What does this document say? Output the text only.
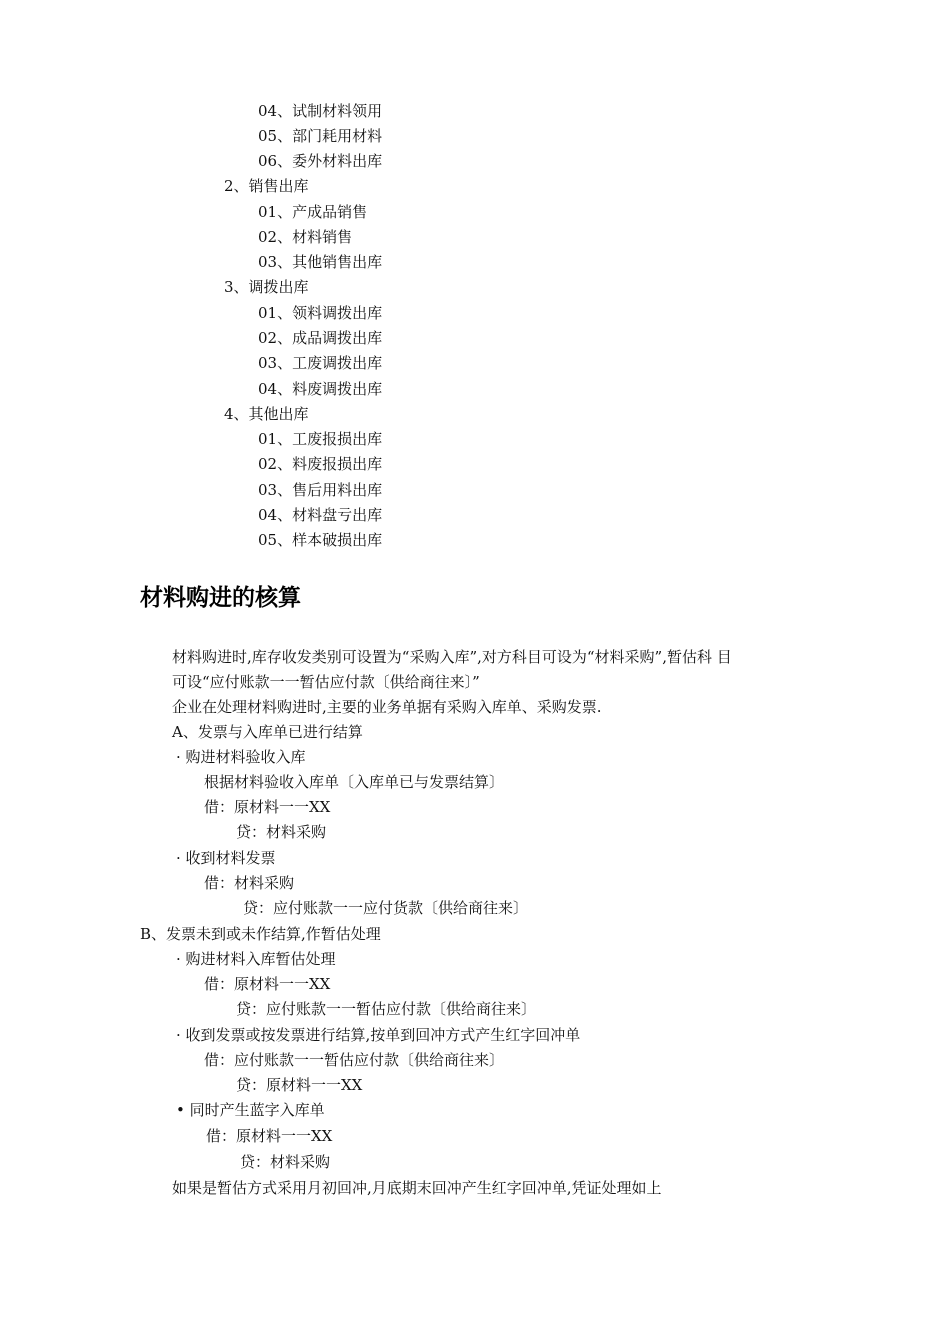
04、试制材料领用
05、部门耗用材料
06、委外材料出库
2、销售出库
01、产成品销售
02、材料销售
03、其他销售出库
3、调拨出库
01、领料调拨出库
02、成品调拨出库
03、工废调拨出库
04、料废调拨出库
4、其他出库
01、工废报损出库
02、料废报损出库
03、售后用料出库
04、材料盘亏出库
05、样本破损出库
材料购进的核算
材料购进时,库存收发类别可设置为“采购入库”,对方科目可设为“材料采购”,暂估科 目
可设“应付账款一一暂估应付款〔供给商往来〕”
企业在处理材料购进时,主要的业务单据有采购入库单、采购发票.
A、发票与入库单已进行结算
· 购进材料验收入库
根据材料验收入库单〔入库单已与发票结算〕
借：原材料一一XX
贷：材料采购
· 收到材料发票
借：材料采购
贷：应付账款一一应付货款〔供给商往来〕
B、发票未到或未作结算,作暂估处理
· 购进材料入库暂估处理
借：原材料一一XX
贷：应付账款一一暂估应付款〔供给商往来〕
· 收到发票或按发票进行结算,按单到回冲方式产生红字回冲单
借：应付账款一一暂估应付款〔供给商往来〕
贷：原材料一一XX
• 同时产生蓝字入库单
借：原材料一一XX
贷：材料采购
如果是暂估方式采用月初回冲,月底期末回冲产生红字回冲单,凭证处理如上
